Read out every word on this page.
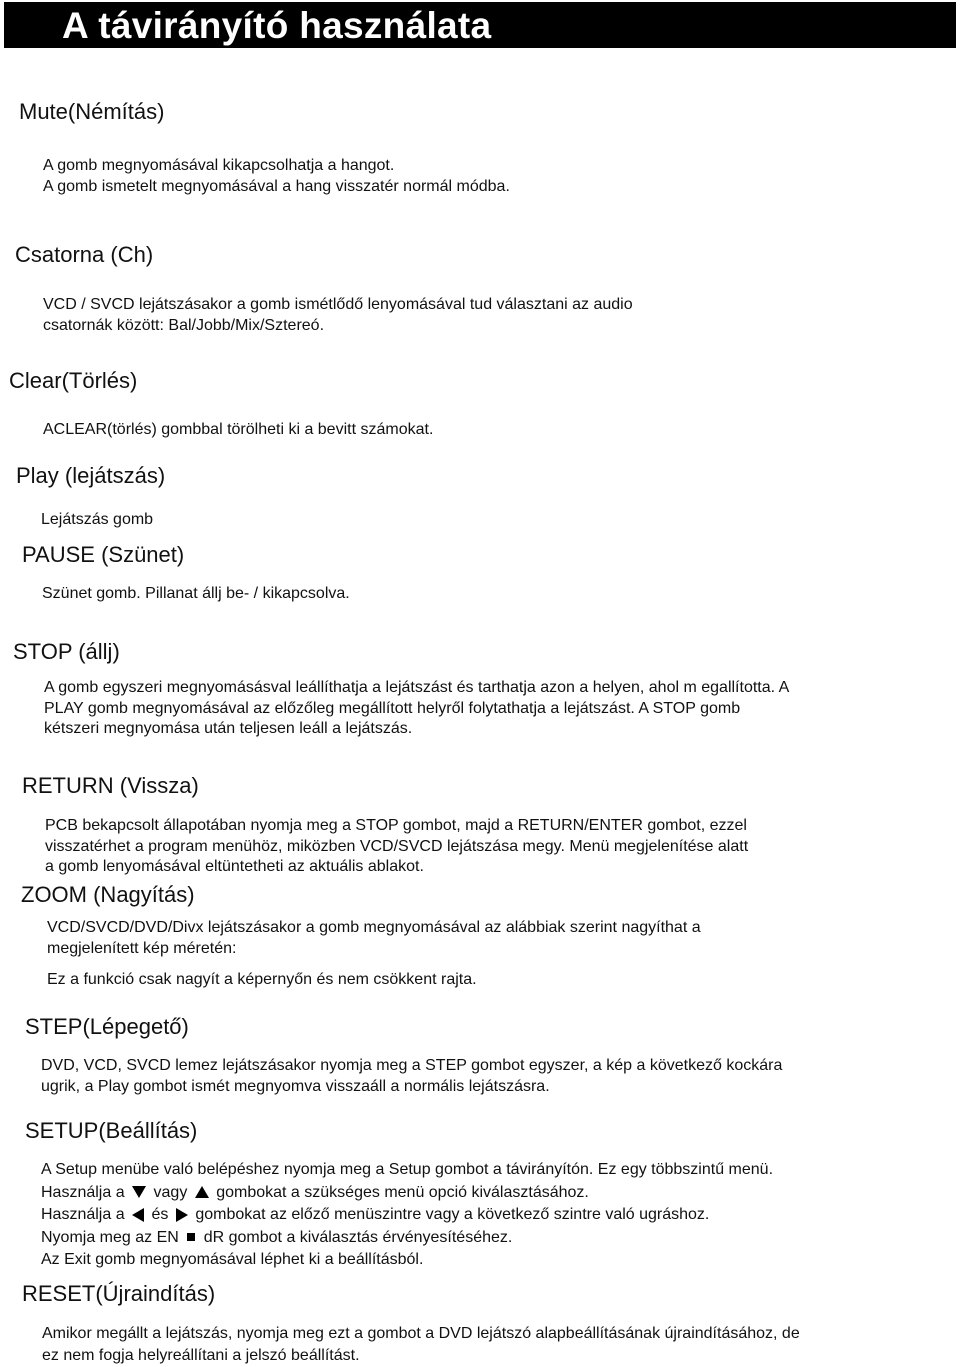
A távirányító használata
Mute(Némítás)
A gomb megnyomásával kikapcsolhatja a hangot.
A gomb ismetelt megnyomásával a hang visszatér normál módba.
Csatorna (Ch)
VCD / SVCD lejátszásakor a gomb ismétlődő lenyomásával tud választani az audio
csatornák között: Bal/Jobb/Mix/Sztereó.
Clear(Törlés)
ACLEAR(törlés) gombbal törölheti ki a bevitt számokat.
Play (lejátszás)
Lejátszás gomb
PAUSE (Szünet)
Szünet gomb. Pillanat állj be- / kikapcsolva.
STOP (állj)
A gomb egyszeri megnyomásásval leállíthatja a lejátszást és tarthatja azon a helyen, ahol m egallította. A
PLAY gomb megnyomásával az előzőleg megállított helyről folytathatja a lejátszást. A STOP gomb
kétszeri megnyomása után teljesen leáll a lejátszás.
RETURN (Vissza)
PCB bekapcsolt állapotában nyomja meg a STOP gombot, majd a RETURN/ENTER gombot, ezzel
visszatérhet a program menühöz, miközben VCD/SVCD lejátszása megy. Menü megjelenítése alatt
a gomb lenyomásával eltüntetheti az aktuális ablakot.
ZOOM (Nagyítás)
VCD/SVCD/DVD/Divx lejátszásakor a gomb megnyomásával az alábbiak szerint nagyíthat a
megjelenített kép méretén:
Ez a funkció csak nagyít a képernyőn és nem csökkent rajta.
STEP(Lépegető)
DVD, VCD, SVCD lemez lejátszásakor nyomja meg a STEP gombot egyszer, a kép a következő kockára
ugrik, a Play gombot ismét megnyomva visszaáll a normális lejátszásra.
SETUP(Beállítás)
A Setup menübe való belépéshez nyomja meg a Setup gombot a távirányítón. Ez egy többszintű menü.
Használja a vagy gombokat a szükséges menü opció kiválasztásához.
Használja a és gombokat az előző menüszintre vagy a következő szintre való ugráshoz.
Nyomja meg az EN dR gombot a kiválasztás érvényesítéséhez.
Az Exit gomb megnyomásával léphet ki a beállításból.
RESET(Újraindítás)
Amikor megállt a lejátszás, nyomja meg ezt a gombot a DVD lejátszó alapbeállításának újraindításához, de
ez nem fogja helyreállítani a jelszó beállítást.
